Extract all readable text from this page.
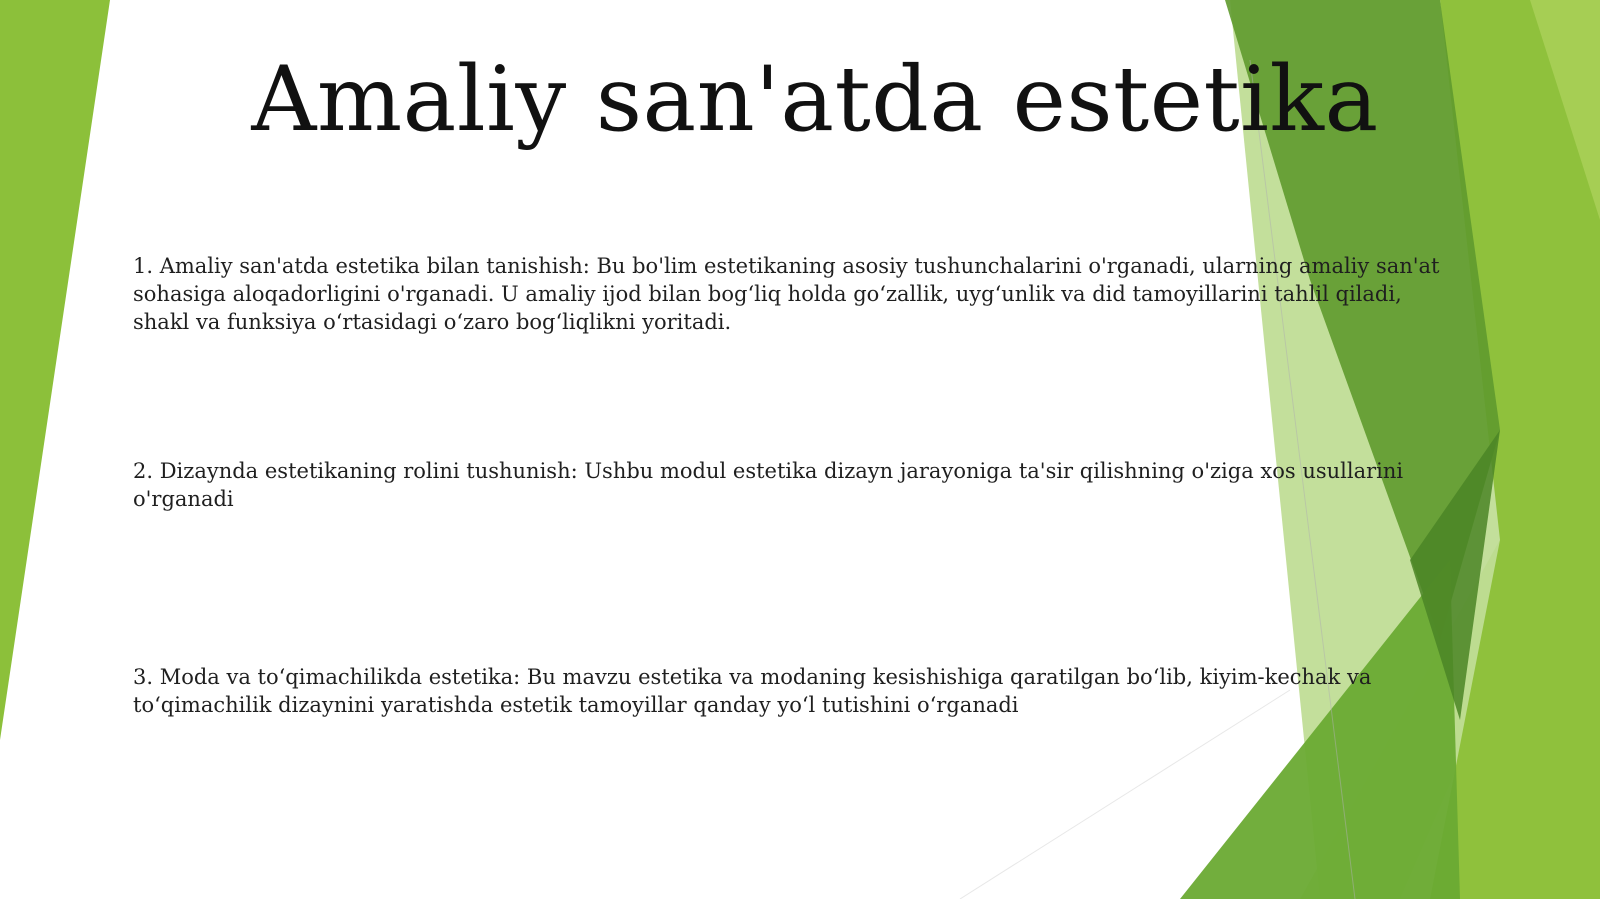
Amaliy san'atda estetika

1. Amaliy san'atda estetika bilan tanishish: Bu bo'lim estetikaning asosiy tushunchalarini o'rganadi, ularning amaliy san'at sohasiga aloqadorligini o'rganadi. U amaliy ijod bilan bog‘liq holda go‘zallik, uyg‘unlik va did tamoyillarini tahlil qiladi, shakl va funksiya o‘rtasidagi o‘zaro bog‘liqlikni yoritadi.

2. Dizaynda estetikaning rolini tushunish: Ushbu modul estetika dizayn jarayoniga ta'sir qilishning o'ziga xos usullarini o'rganadi

3. Moda va to‘qimachilikda estetika: Bu mavzu estetika va modaning kesishishiga qaratilgan bo‘lib, kiyim-kechak va to‘qimachilik dizaynini yaratishda estetik tamoyillar qanday yo‘l tutishini o‘rganadi
